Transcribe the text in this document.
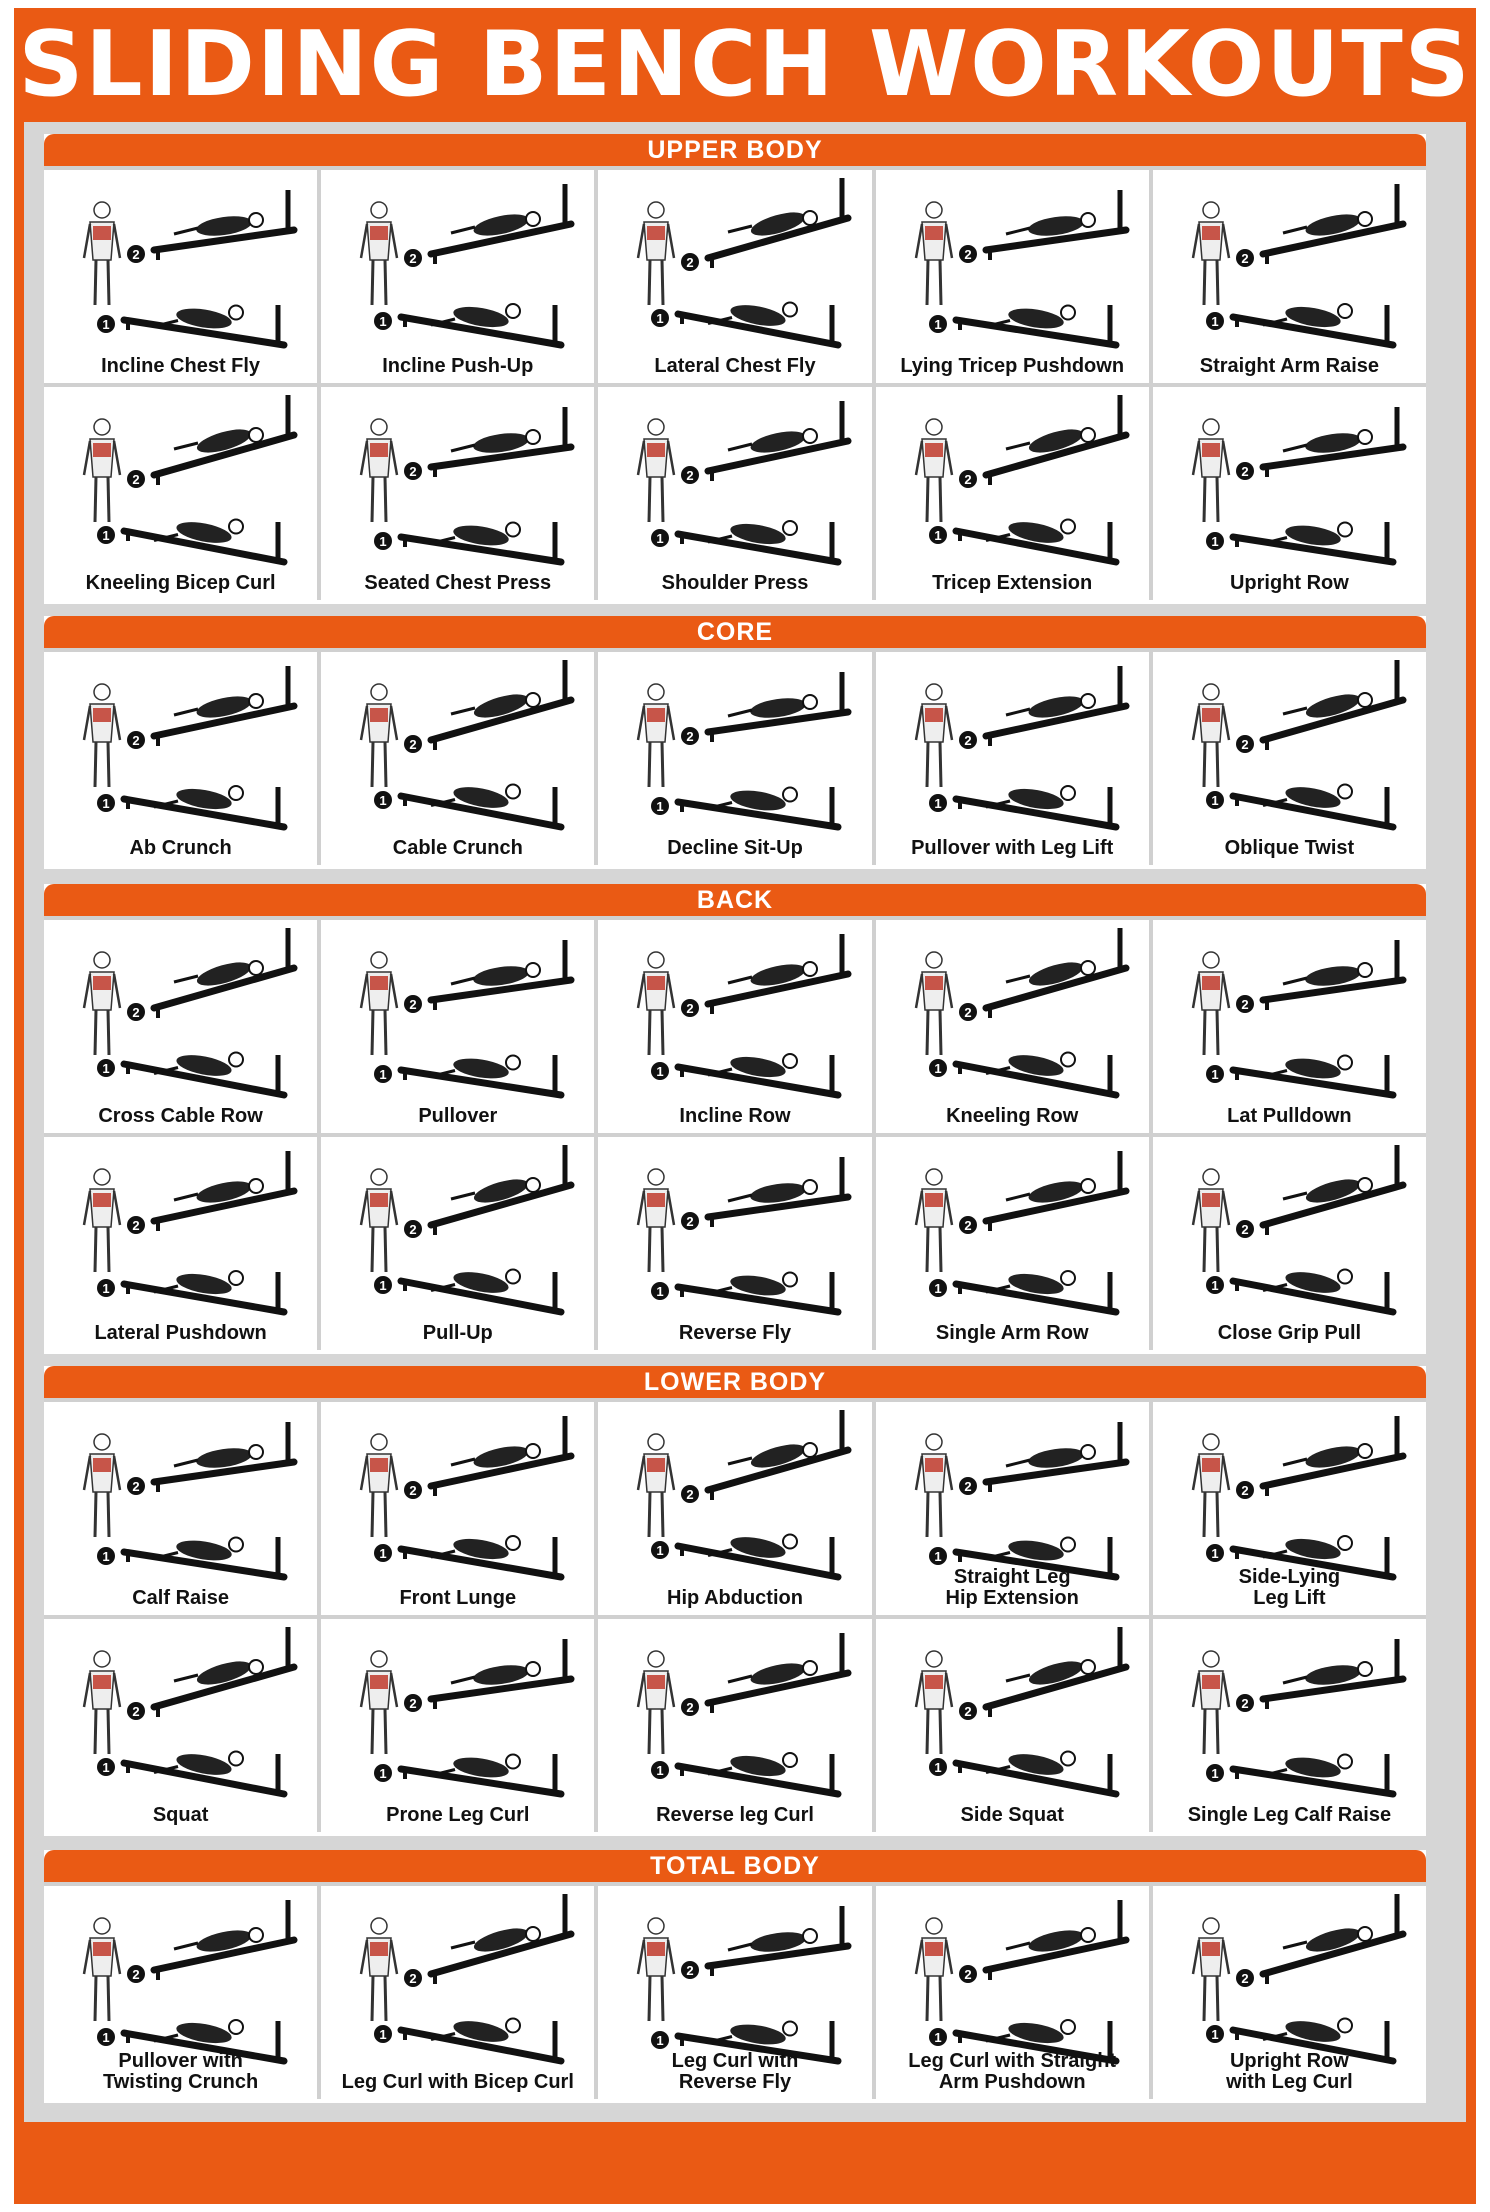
SLIDING BENCH WORKOUTS
UPPER BODY
2
1
Incline Chest Fly
2
1
Incline Push-Up
2
1
Lateral Chest Fly
2
1
Lying Tricep Pushdown
2
1
Straight Arm Raise
2
1
Kneeling Bicep Curl
2
1
Seated Chest Press
2
1
Shoulder Press
2
1
Tricep Extension
2
1
Upright Row
CORE
2
1
Ab Crunch
2
1
Cable Crunch
2
1
Decline Sit-Up
2
1
Pullover with Leg Lift
2
1
Oblique Twist
BACK
2
1
Cross Cable Row
2
1
Pullover
2
1
Incline Row
2
1
Kneeling Row
2
1
Lat Pulldown
2
1
Lateral Pushdown
2
1
Pull-Up
2
1
Reverse Fly
2
1
Single Arm Row
2
1
Close Grip Pull
LOWER BODY
2
1
Calf Raise
2
1
Front Lunge
2
1
Hip Abduction
2
1
Straight Leg
Hip Extension
2
1
Side-Lying
Leg Lift
2
1
Squat
2
1
Prone Leg Curl
2
1
Reverse leg Curl
2
1
Side Squat
2
1
Single Leg Calf Raise
TOTAL BODY
2
1
Pullover with
Twisting Crunch
2
1
Leg Curl with Bicep Curl
2
1
Leg Curl with
Reverse Fly
2
1
Leg Curl with Straight
Arm Pushdown
2
1
Upright Row
with Leg Curl
